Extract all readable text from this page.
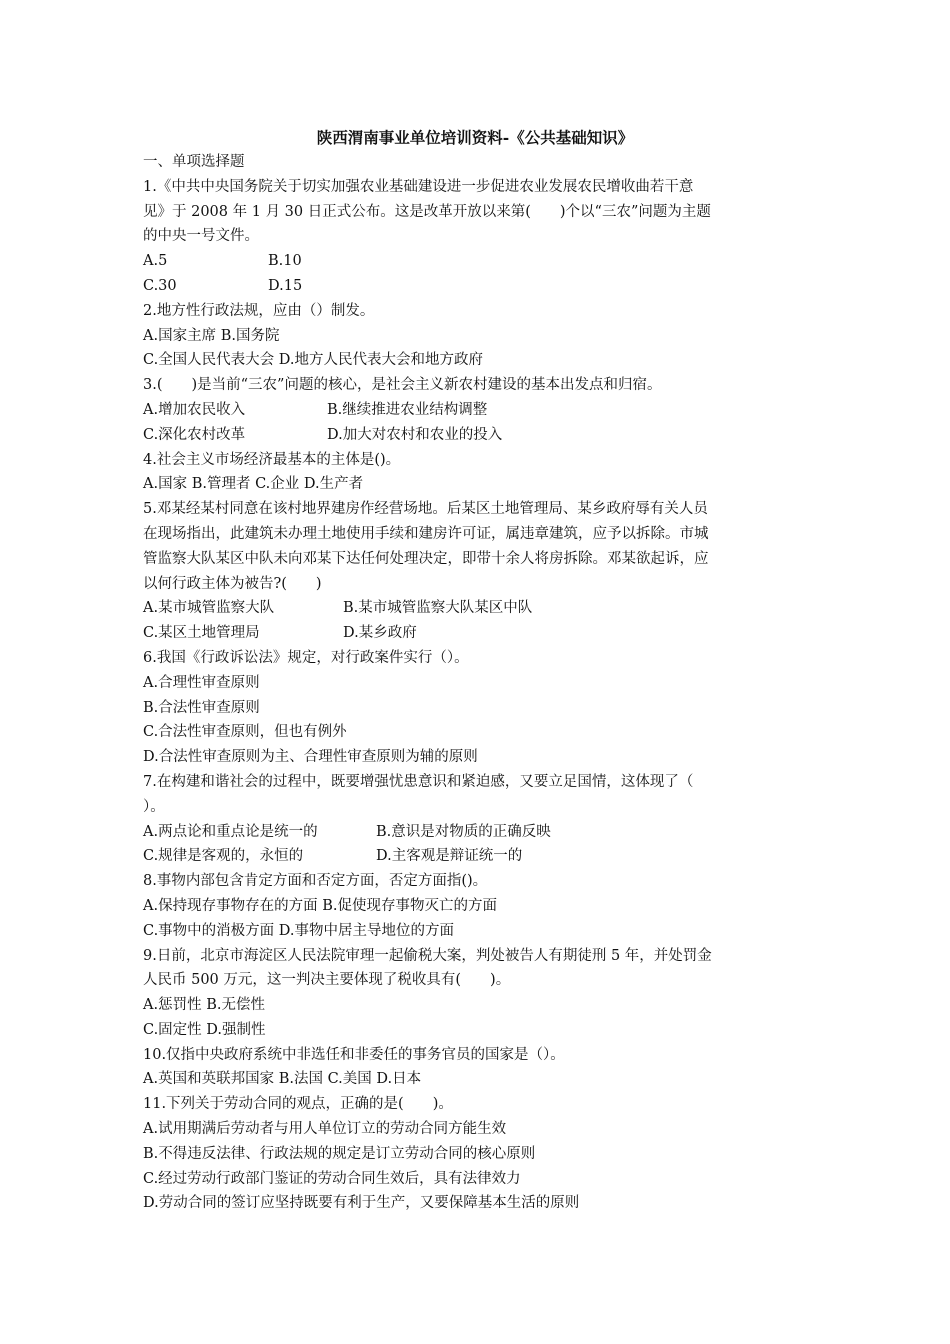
陕西渭南事业单位培训资料-《公共基础知识》
一、单项选择题
1.《中共中央国务院关于切实加强农业基础建设进一步促进农业发展农民增收曲若干意
见》于 2008 年 1 月 30 日正式公布。这是改革开放以来第(　　)个以“三农”问题为主题
的中央一号文件。
A.5	B.10
C.30	D.15
2.地方性行政法规，应由（）制发。
A.国家主席 B.国务院
C.全国人民代表大会 D.地方人民代表大会和地方政府
3.(　　)是当前“三农”问题的核心，是社会主义新农村建设的基本出发点和归宿。
A.增加农民收入	B.继续推进农业结构调整
C.深化农村改革	D.加大对农村和农业的投入
4.社会主义市场经济最基本的主体是()。
A.国家 B.管理者 C.企业 D.生产者
5.邓某经某村同意在该村地界建房作经营场地。后某区土地管理局、某乡政府辱有关人员
在现场指出，此建筑未办理土地使用手续和建房许可证，属违章建筑，应予以拆除。市城
管监察大队某区中队未向邓某下达任何处理决定，即带十余人将房拆除。邓某欲起诉，应
以何行政主体为被告?(　　)
A.某市城管监察大队	B.某市城管监察大队某区中队
C.某区土地管理局	D.某乡政府
6.我国《行政诉讼法》规定，对行政案件实行（）。
A.合理性审查原则
B.合法性审查原则
C.合法性审查原则，但也有例外
D.合法性审查原则为主、合理性审查原则为辅的原则
7.在构建和谐社会的过程中，既要增强忧患意识和紧迫感，又要立足国情，这体现了（
）。
A.两点论和重点论是统一的	B.意识是对物质的正确反映
C.规律是客观的，永恒的	D.主客观是辩证统一的
8.事物内部包含肯定方面和否定方面，否定方面指()。
A.保持现存事物存在的方面 B.促使现存事物灭亡的方面
C.事物中的消极方面 D.事物中居主导地位的方面
9.日前，北京市海淀区人民法院审理一起偷税大案，判处被告人有期徒刑 5 年，并处罚金
人民币 500 万元，这一判决主要体现了税收具有(　　)。
A.惩罚性 B.无偿性
C.固定性 D.强制性
10.仅指中央政府系统中非选任和非委任的事务官员的国家是（）。
A.英国和英联邦国家 B.法国 C.美国 D.日本
11.下列关于劳动合同的观点，正确的是(　　)。
A.试用期满后劳动者与用人单位订立的劳动合同方能生效
B.不得违反法律、行政法规的规定是订立劳动合同的核心原则
C.经过劳动行政部门鉴证的劳动合同生效后，具有法律效力
D.劳动合同的签订应坚持既要有利于生产，又要保障基本生活的原则
